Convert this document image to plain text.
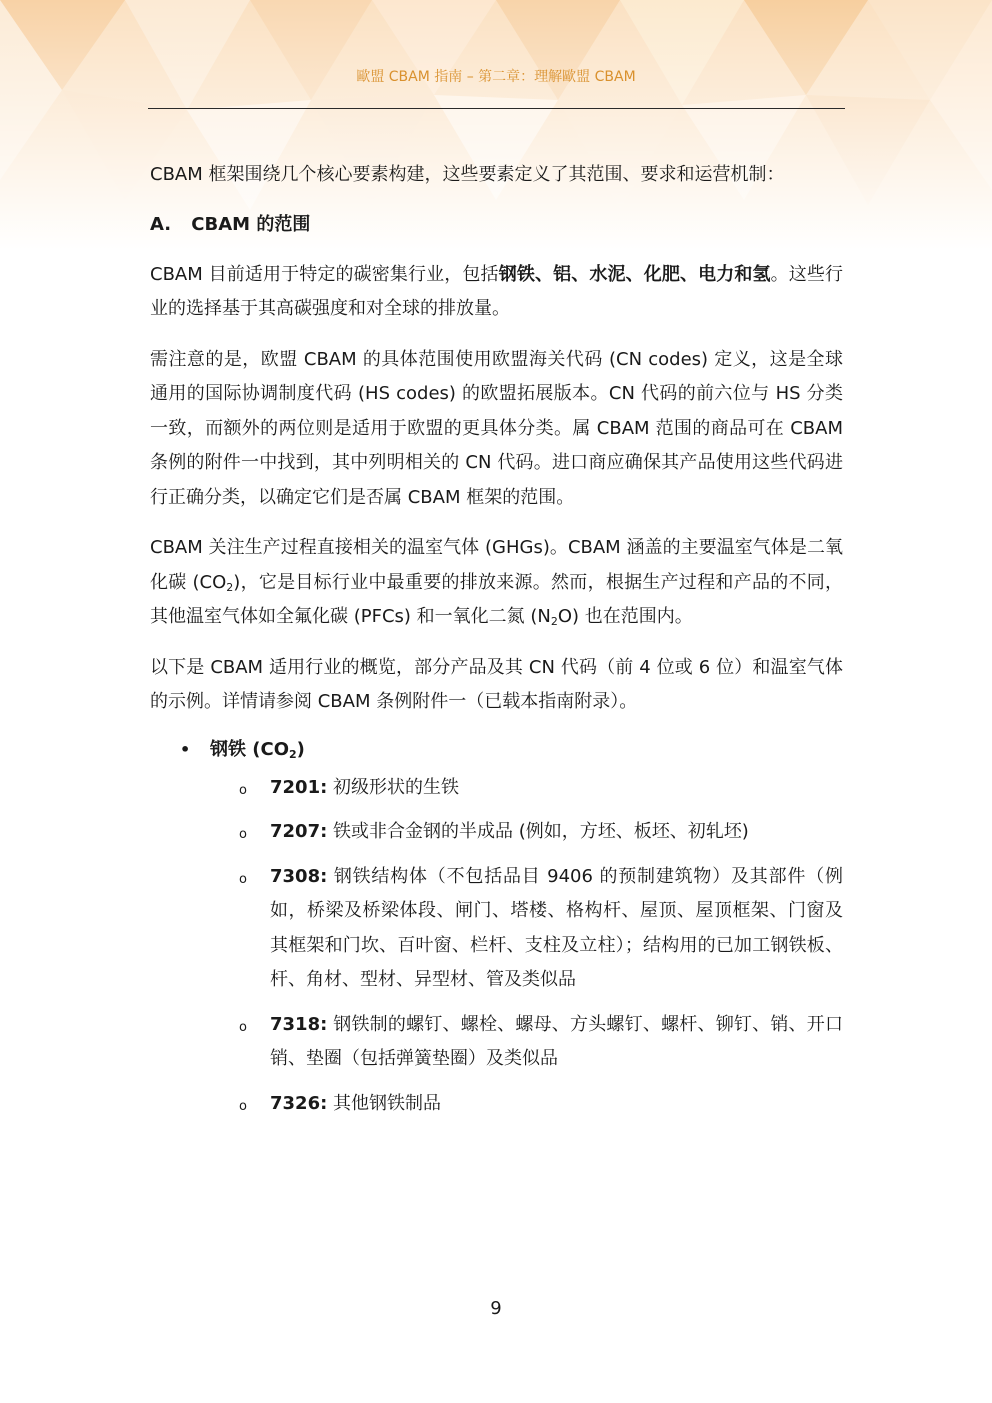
歐盟 CBAM 指南 – 第二章：理解歐盟 CBAM

CBAM 框架围绕几个核心要素构建，这些要素定义了其范围、要求和运营机制：

A. CBAM 的范围

CBAM 目前适用于特定的碳密集行业，包括钢铁、铝、水泥、化肥、电力和氢。这些行业的选择基于其高碳强度和对全球的排放量。

需注意的是，欧盟 CBAM 的具体范围使用欧盟海关代码 (CN codes) 定义，这是全球通用的国际协调制度代码 (HS codes) 的欧盟拓展版本。CN 代码的前六位与 HS 分类一致，而额外的两位则是适用于欧盟的更具体分类。属 CBAM 范围的商品可在 CBAM 条例的附件一中找到，其中列明相关的 CN 代码。进口商应确保其产品使用这些代码进行正确分类，以确定它们是否属 CBAM 框架的范围。

CBAM 关注生产过程直接相关的温室气体 (GHGs)。CBAM 涵盖的主要温室气体是二氧化碳 $(CO_2)$，它是目标行业中最重要的排放来源。然而，根据生产过程和产品的不同，其他温室气体如全氟化碳 (PFCs) 和一氧化二氮 $(N_2O)$ 也在范围内。

以下是 CBAM 适用行业的概览，部分产品及其 CN 代码（前 4 位或 6 位）和温室气体的示例。详情请参阅 CBAM 条例附件一（已载本指南附录）。

• 钢铁 $(CO_2)$
o 7201: 初级形状的生铁
o 7207: 铁或非合金钢的半成品 (例如，方坯、板坯、初轧坯)
o 7308: 钢铁结构体（不包括品目 9406 的预制建筑物）及其部件（例如，桥梁及桥梁体段、闸门、塔楼、格构杆、屋顶、屋顶框架、门窗及其框架和门坎、百叶窗、栏杆、支柱及立柱）；结构用的已加工钢铁板、杆、角材、型材、异型材、管及类似品
o 7318: 钢铁制的螺钉、螺栓、螺母、方头螺钉、螺杆、铆钉、销、开口销、垫圈（包括弹簧垫圈）及类似品
o 7326: 其他钢铁制品
9
